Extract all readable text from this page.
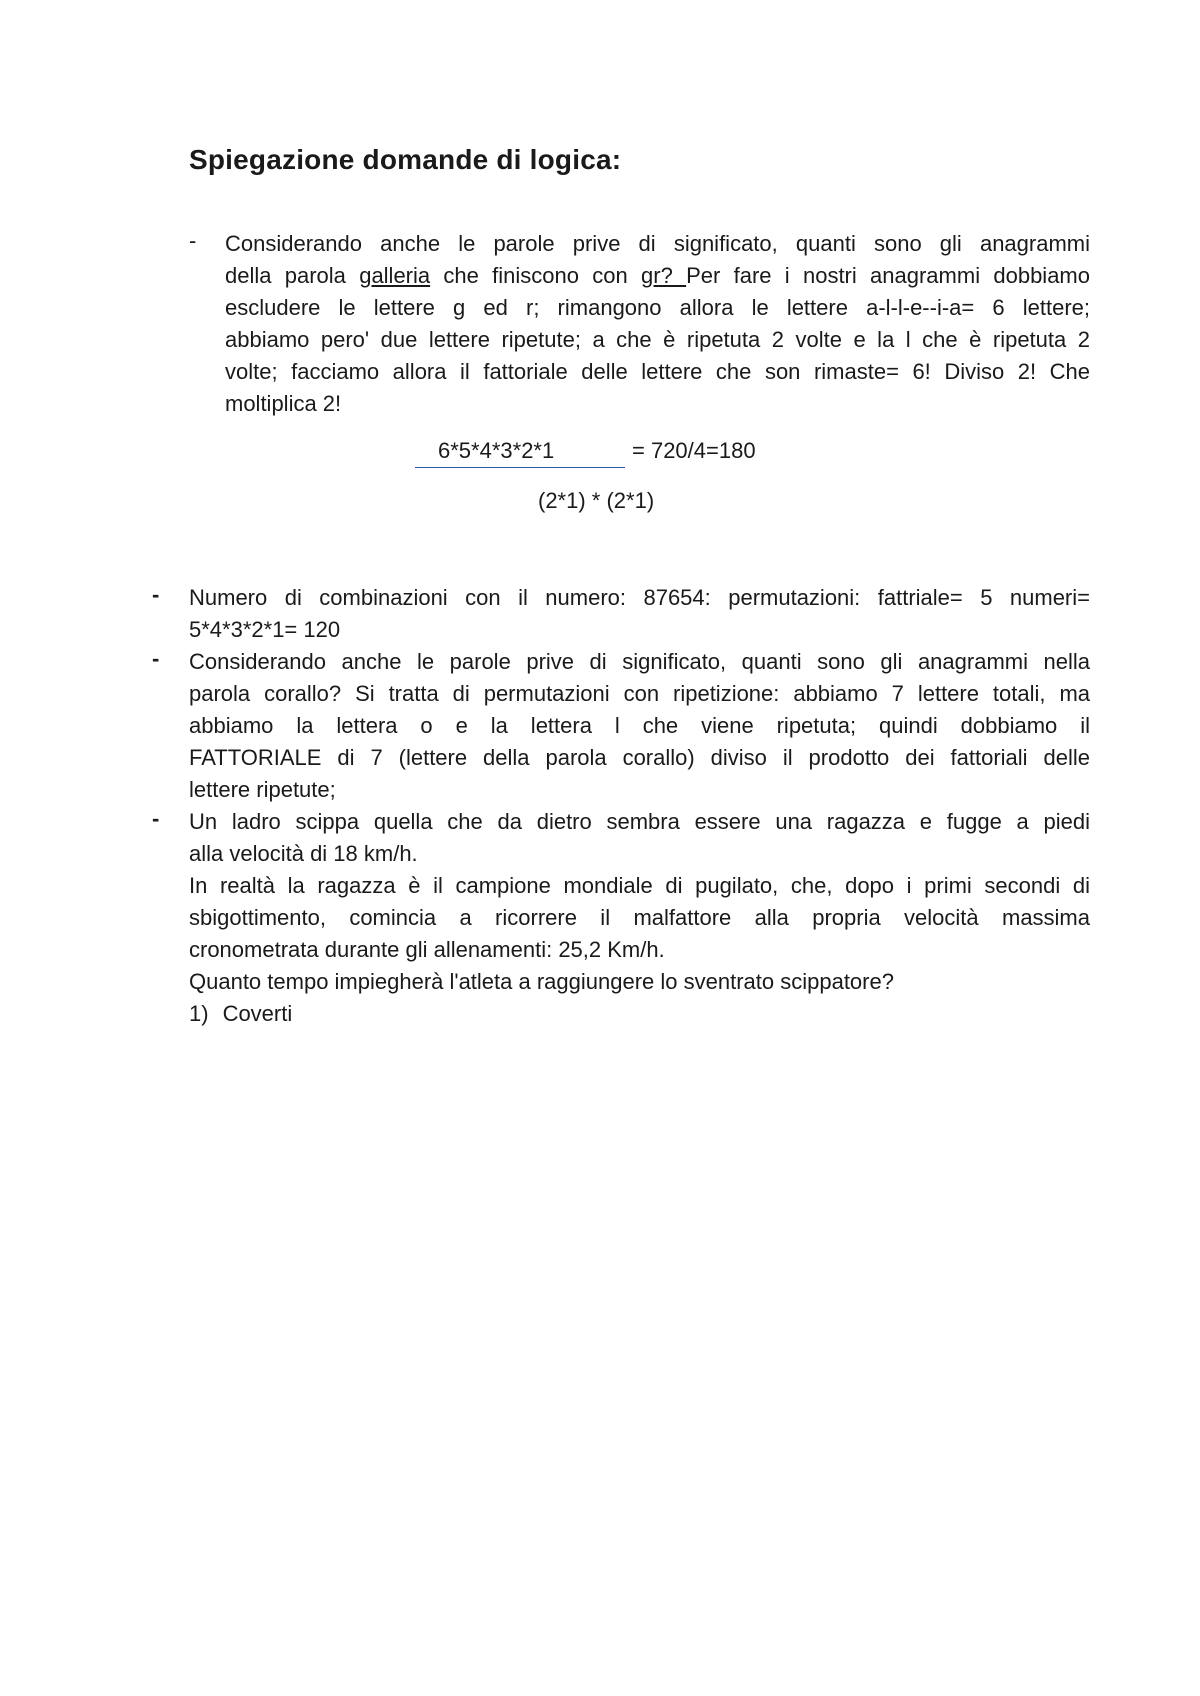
Spiegazione domande di logica:
- Considerando anche le parole prive di significato, quanti sono gli anagrammi
della parola galleria che finiscono con gr? Per fare i nostri anagrammi dobbiamo
escludere le lettere g ed r; rimangono allora le lettere a-l-l-e--i-a= 6 lettere;
abbiamo pero' due lettere ripetute; a che è ripetuta 2 volte e la l che è ripetuta 2
volte; facciamo allora il fattoriale delle lettere che son rimaste= 6! Diviso 2! Che
moltiplica 2!
6*5*4*3*2*1	= 720/4=180
(2*1) * (2*1)
- Numero di combinazioni con il numero: 87654: permutazioni: fattriale= 5 numeri=
5*4*3*2*1= 120
- Considerando anche le parole prive di significato, quanti sono gli anagrammi nella
parola corallo? Si tratta di permutazioni con ripetizione: abbiamo 7 lettere totali, ma
abbiamo la lettera o e la lettera l che viene ripetuta; quindi dobbiamo il
FATTORIALE di 7 (lettere della parola corallo) diviso il prodotto dei fattoriali delle
lettere ripetute;
- Un ladro scippa quella che da dietro sembra essere una ragazza e fugge a piedi
alla velocità di 18 km/h.
In realtà la ragazza è il campione mondiale di pugilato, che, dopo i primi secondi di
sbigottimento, comincia a ricorrere il malfattore alla propria velocità massima
cronometrata durante gli allenamenti: 25,2 Km/h.
Quanto tempo impiegherà l'atleta a raggiungere lo sventrato scippatore?
1) Coverti
